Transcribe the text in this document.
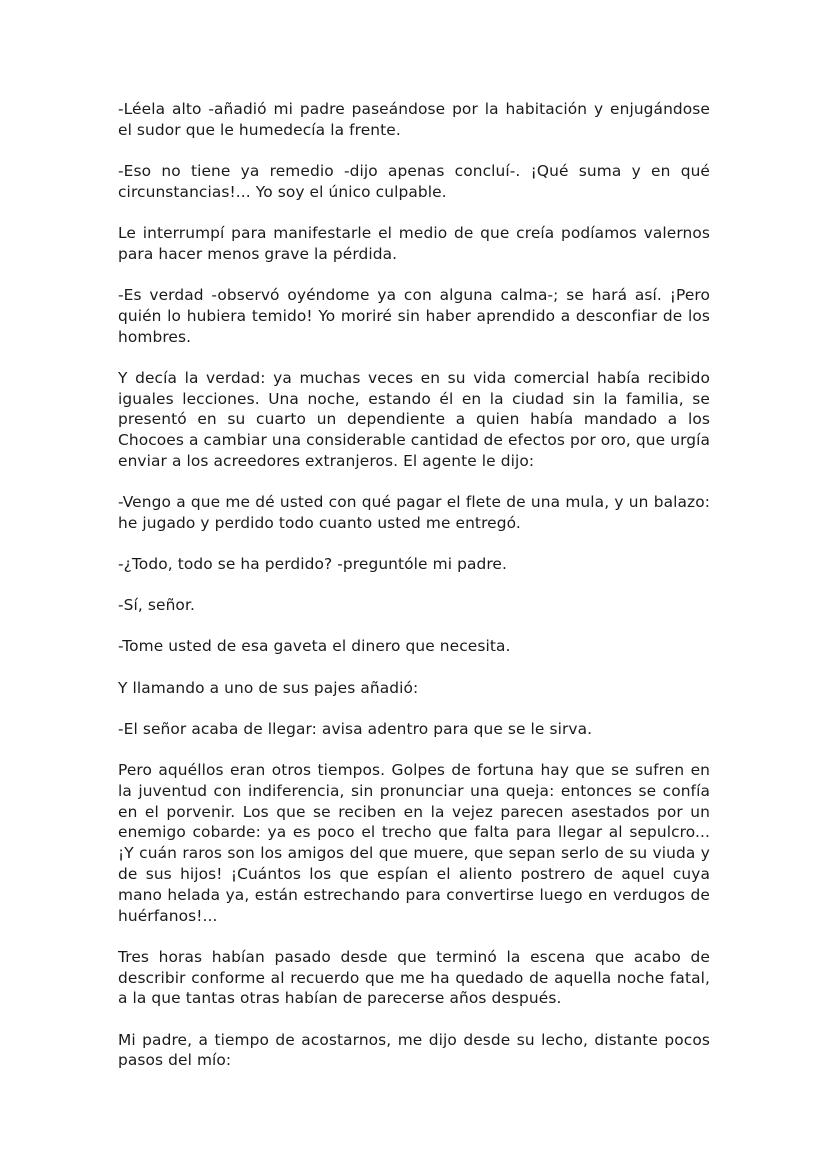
-Léela alto -añadió mi padre paseándose por la habitación y enjugándose el sudor que le humedecía la frente.

-Eso no tiene ya remedio -dijo apenas concluí-. ¡Qué suma y en qué circunstancias!... Yo soy el único culpable.

Le interrumpí para manifestarle el medio de que creía podíamos valernos para hacer menos grave la pérdida.

-Es verdad -observó oyéndome ya con alguna calma-; se hará así. ¡Pero quién lo hubiera temido! Yo moriré sin haber aprendido a desconfiar de los hombres.

Y decía la verdad: ya muchas veces en su vida comercial había recibido iguales lecciones. Una noche, estando él en la ciudad sin la familia, se presentó en su cuarto un dependiente a quien había mandado a los Chocoes a cambiar una considerable cantidad de efectos por oro, que urgía enviar a los acreedores extranjeros. El agente le dijo:

-Vengo a que me dé usted con qué pagar el flete de una mula, y un balazo: he jugado y perdido todo cuanto usted me entregó.

-¿Todo, todo se ha perdido? -preguntóle mi padre.

-Sí, señor.

-Tome usted de esa gaveta el dinero que necesita.

Y llamando a uno de sus pajes añadió:

-El señor acaba de llegar: avisa adentro para que se le sirva.

Pero aquéllos eran otros tiempos. Golpes de fortuna hay que se sufren en la juventud con indiferencia, sin pronunciar una queja: entonces se confía en el porvenir. Los que se reciben en la vejez parecen asestados por un enemigo cobarde: ya es poco el trecho que falta para llegar al sepulcro... ¡Y cuán raros son los amigos del que muere, que sepan serlo de su viuda y de sus hijos! ¡Cuántos los que espían el aliento postrero de aquel cuya mano helada ya, están estrechando para convertirse luego en verdugos de huérfanos!...

Tres horas habían pasado desde que terminó la escena que acabo de describir conforme al recuerdo que me ha quedado de aquella noche fatal, a la que tantas otras habían de parecerse años después.

Mi padre, a tiempo de acostarnos, me dijo desde su lecho, distante pocos pasos del mío:
